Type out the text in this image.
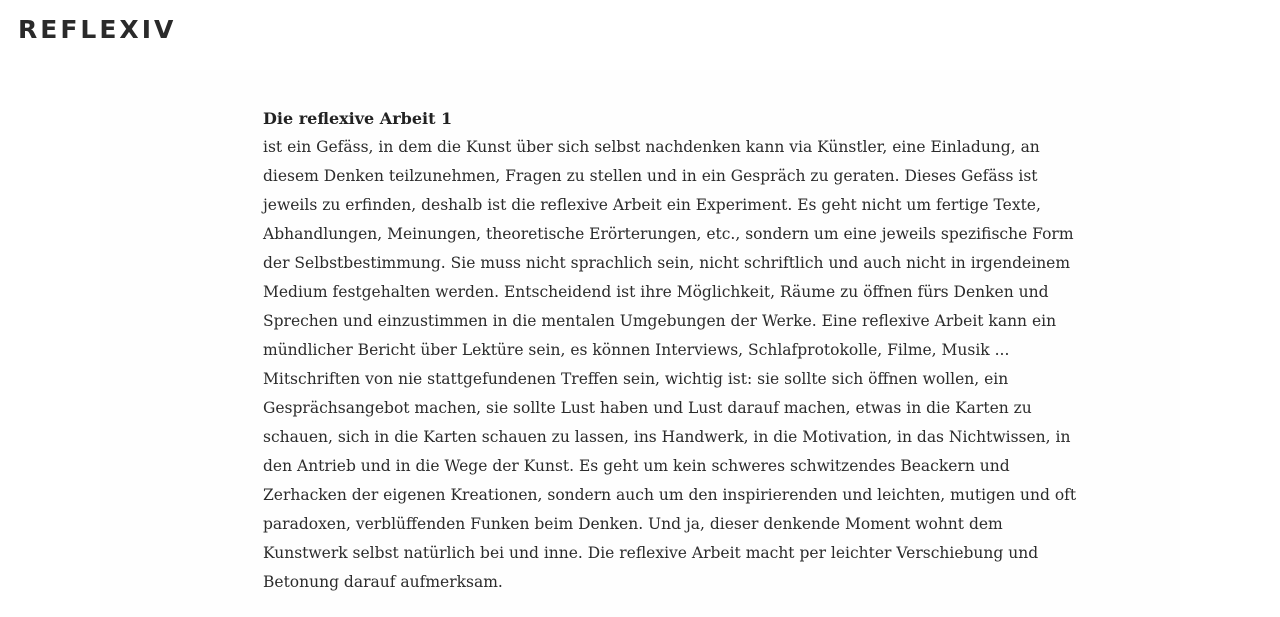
REFLEXIV
Die reflexive Arbeit 1

ist ein Gefäss, in dem die Kunst über sich selbst nachdenken kann via Künstler, eine Einladung, an
diesem Denken teilzunehmen, Fragen zu stellen und in ein Gespräch zu geraten. Dieses Gefäss ist
jeweils zu erfinden, deshalb ist die reflexive Arbeit ein Experiment. Es geht nicht um fertige Texte,
Abhandlungen, Meinungen, theoretische Erörterungen, etc., sondern um eine jeweils spezifische Form
der Selbstbestimmung. Sie muss nicht sprachlich sein, nicht schriftlich und auch nicht in irgendeinem
Medium festgehalten werden. Entscheidend ist ihre Möglichkeit, Räume zu öffnen fürs Denken und
Sprechen und einzustimmen in die mentalen Umgebungen der Werke. Eine reflexive Arbeit kann ein
mündlicher Bericht über Lektüre sein, es können Interviews, Schlafprotokolle, Filme, Musik ...
Mitschriften von nie stattgefundenen Treffen sein, wichtig ist: sie sollte sich öffnen wollen, ein
Gesprächsangebot machen, sie sollte Lust haben und Lust darauf machen, etwas in die Karten zu
schauen, sich in die Karten schauen zu lassen, ins Handwerk, in die Motivation, in das Nichtwissen, in
den Antrieb und in die Wege der Kunst. Es geht um kein schweres schwitzendes Beackern und
Zerhacken der eigenen Kreationen, sondern auch um den inspirierenden und leichten, mutigen und oft
paradoxen, verblüffenden Funken beim Denken. Und ja, dieser denkende Moment wohnt dem
Kunstwerk selbst natürlich bei und inne. Die reflexive Arbeit macht per leichter Verschiebung und
Betonung darauf aufmerksam.
